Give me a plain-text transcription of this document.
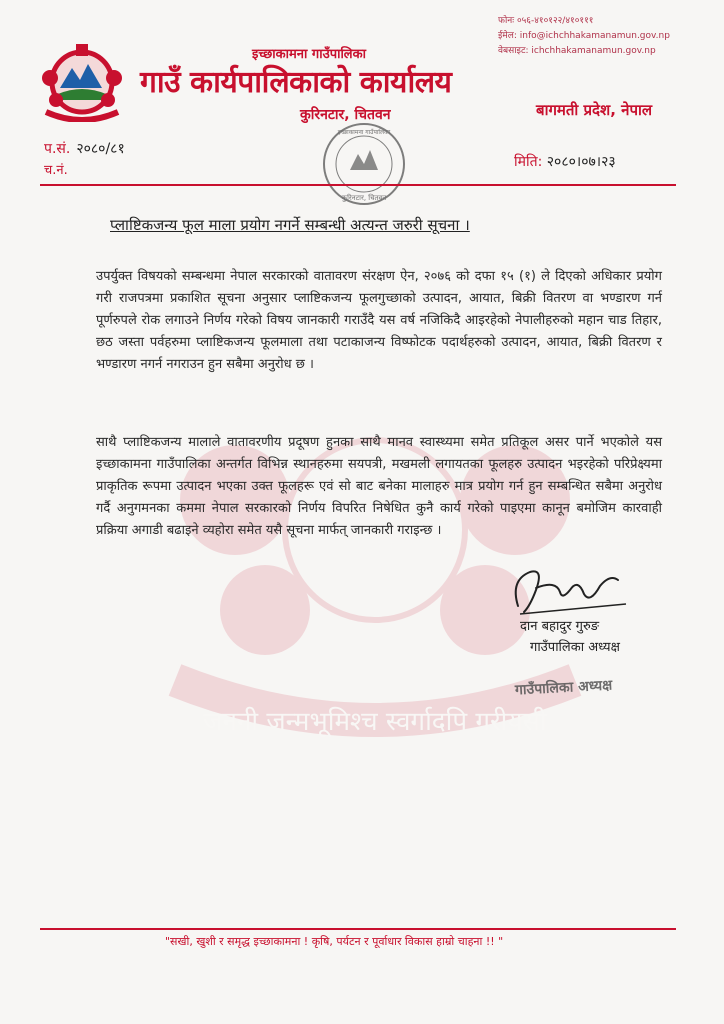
जननी जन्मभूमिश्च स्वर्गादपि गरीयसी
फोनः ०५६-४१०१२२/४१०१११
ईमेल: info@ichchhakamanamun.gov.np
वेबसाइट: ichchhakamanamun.gov.np
इच्छाकामना गाउँपालिका
गाउँ कार्यपालिकाको कार्यालय
कुरिनटार, चितवन	बागमती प्रदेश, नेपाल
प.सं. २०८०/८१
च.नं.
इच्छाकामना गाउँपालिका
कुरिनटार, चितवन
मिति: २०८०।०७।२३
प्लाष्टिकजन्य फूल माला प्रयोग नगर्ने सम्बन्धी अत्यन्त जरुरी सूचना ।
उपर्युक्त विषयको सम्बन्धमा नेपाल सरकारको वातावरण संरक्षण ऐन, २०७६ को दफा १५ (१) ले दिएको अधिकार प्रयोग गरी राजपत्रमा प्रकाशित सूचना अनुसार प्लाष्टिकजन्य फूलगुच्छाको उत्पादन, आयात, बिक्री वितरण वा भण्डारण गर्न पूर्णरुपले रोक लगाउने निर्णय गरेको विषय जानकारी गराउँदै यस वर्ष नजिकिदै आइरहेको नेपालीहरुको महान चाड तिहार, छठ जस्ता पर्वहरुमा प्लाष्टिकजन्य फूलमाला तथा पटाकाजन्य विष्फोटक पदार्थहरुको उत्पादन, आयात, बिक्री वितरण र भण्डारण नगर्न नगराउन हुन सबैमा अनुरोध छ ।
साथै प्लाष्टिकजन्य मालाले वातावरणीय प्रदूषण हुनका साथै मानव स्वास्थ्यमा समेत प्रतिकूल असर पार्ने भएकोले यस इच्छाकामना गाउँपालिका अन्तर्गत विभिन्न स्थानहरुमा सयपत्री, मखमली लगायतका फूलहरु उत्पादन भइरहेको परिप्रेक्ष्यमा प्राकृतिक रूपमा उत्पादन भएका उक्त फूलहरू एवं सो बाट बनेका मालाहरु मात्र प्रयोग गर्न हुन सम्बन्धित सबैमा अनुरोध गर्दै अनुगमनका कममा नेपाल सरकारको निर्णय विपरित निषेधित कुनै कार्य गरेको पाइएमा कानून बमोजिम कारवाही प्रक्रिया अगाडी बढाइने व्यहोरा समेत यसै सूचना मार्फत् जानकारी गराइन्छ ।
दान बहादुर गुरुङ
गाउँपालिका अध्यक्ष
गाउँपालिका अध्यक्ष
"सखी, खुशी र समृद्ध इच्छाकामना ! कृषि, पर्यटन र पूर्वाधार विकास हाम्रो चाहना !! "
